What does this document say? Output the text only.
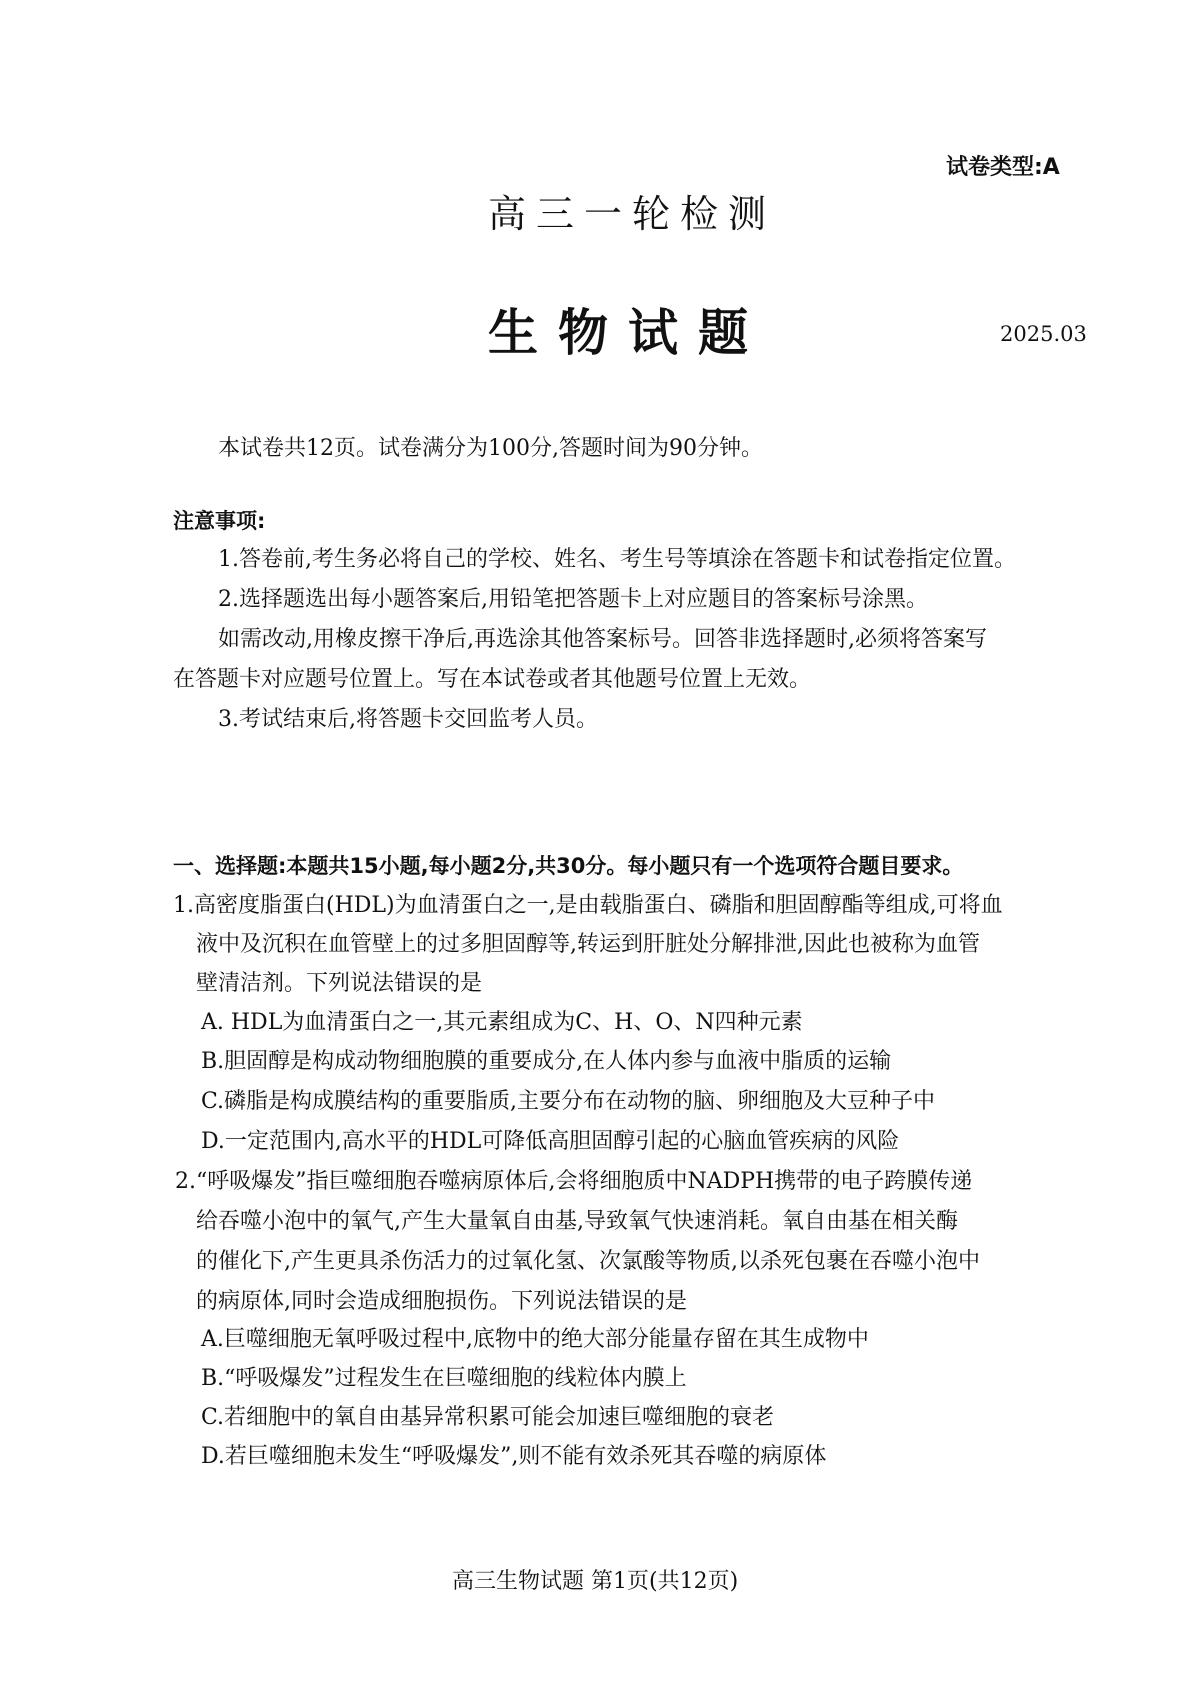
试卷类型:A
高三一轮检测
生物试题	2025.03
本试卷共12页。试卷满分为100分,答题时间为90分钟。
注意事项:
1.答卷前,考生务必将自己的学校、姓名、考生号等填涂在答题卡和试卷指定位置。
2.选择题选出每小题答案后,用铅笔把答题卡上对应题目的答案标号涂黑。
如需改动,用橡皮擦干净后,再选涂其他答案标号。回答非选择题时,必须将答案写
在答题卡对应题号位置上。写在本试卷或者其他题号位置上无效。
3.考试结束后,将答题卡交回监考人员。
一、选择题:本题共15小题,每小题2分,共30分。每小题只有一个选项符合题目要求。
1.高密度脂蛋白(HDL)为血清蛋白之一,是由载脂蛋白、磷脂和胆固醇酯等组成,可将血
液中及沉积在血管壁上的过多胆固醇等,转运到肝脏处分解排泄,因此也被称为血管
壁清洁剂。下列说法错误的是
A. HDL为血清蛋白之一,其元素组成为C、H、O、N四种元素
B.胆固醇是构成动物细胞膜的重要成分,在人体内参与血液中脂质的运输
C.磷脂是构成膜结构的重要脂质,主要分布在动物的脑、卵细胞及大豆种子中
D.一定范围内,高水平的HDL可降低高胆固醇引起的心脑血管疾病的风险
2.“呼吸爆发”指巨噬细胞吞噬病原体后,会将细胞质中NADPH携带的电子跨膜传递
给吞噬小泡中的氧气,产生大量氧自由基,导致氧气快速消耗。氧自由基在相关酶
的催化下,产生更具杀伤活力的过氧化氢、次氯酸等物质,以杀死包裹在吞噬小泡中
的病原体,同时会造成细胞损伤。下列说法错误的是
A.巨噬细胞无氧呼吸过程中,底物中的绝大部分能量存留在其生成物中
B.“呼吸爆发”过程发生在巨噬细胞的线粒体内膜上
C.若细胞中的氧自由基异常积累可能会加速巨噬细胞的衰老
D.若巨噬细胞未发生“呼吸爆发”,则不能有效杀死其吞噬的病原体
高三生物试题 第1页(共12页)
